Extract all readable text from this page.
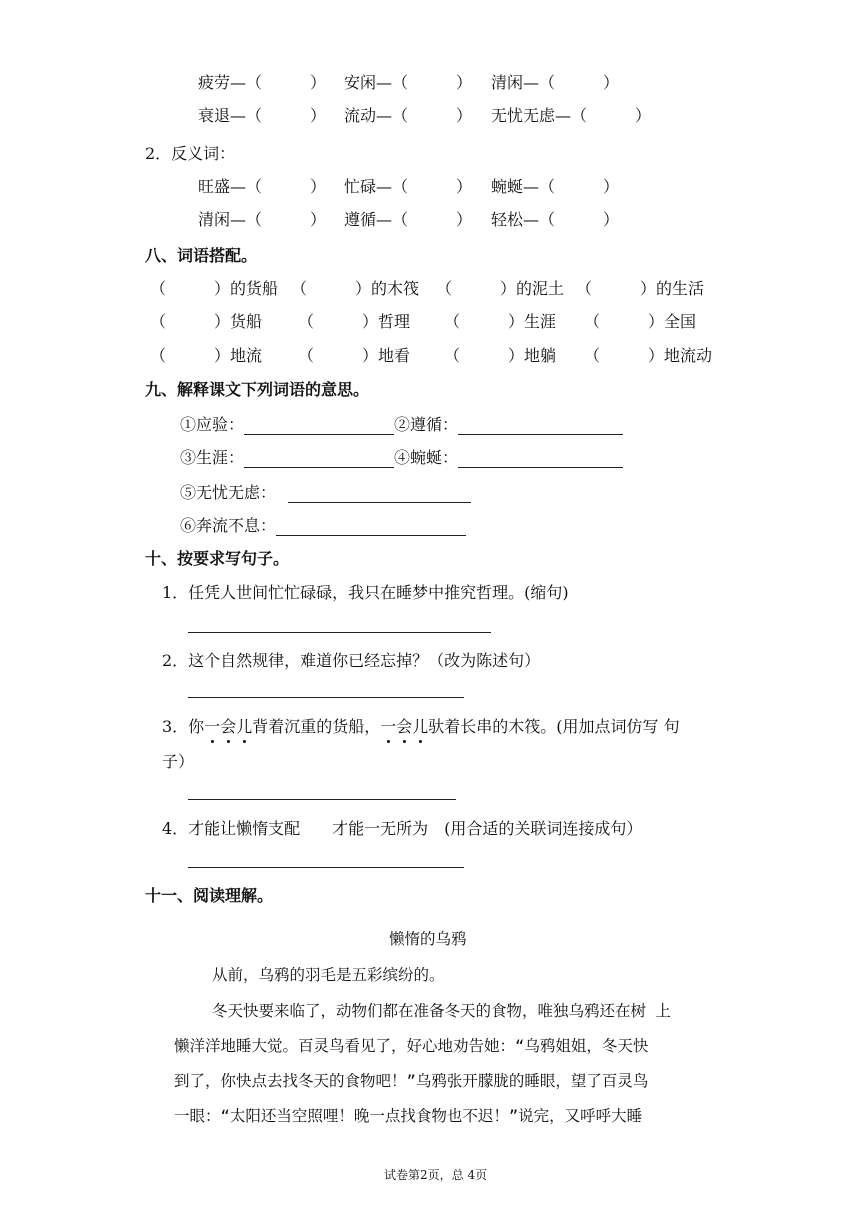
疲劳—（　　　） 安闲—（　　　） 清闲—（　　　）
衰退—（　　　） 流动—（　　　） 无忧无虑—（　　　）
2．反义词：
旺盛—（　　　） 忙碌—（　　　） 蜿蜒—（　　　）
清闲—（　　　） 遵循—（　　　） 轻松—（　　　）
八、词语搭配。
（　　　）的货船 （　　　）的木筏 （　　　）的泥土 （　　　）的生活
（　　　）货船 （　　　）哲理 （　　　）生涯 （　　　）全国
（　　　）地流 （　　　）地看 （　　　）地躺 （　　　）地流动
九、解释课文下列词语的意思。
①应验：	②遵循：
③生涯：	④蜿蜒：
⑤无忧无虑：
⑥奔流不息：
十、按要求写句子。
1．任凭人世间忙忙碌碌，我只在睡梦中推究哲理。(缩句)
2．这个自然规律，难道你已经忘掉？（改为陈述句）
3．你一会儿背着沉重的货船，一会儿驮着长串的木筏。(用加点词仿写 句
子）
4．才能让懒惰支配　　才能一无所为　(用合适的关联词连接成句）
十一、阅读理解。
懒惰的乌鸦
从前，乌鸦的羽毛是五彩缤纷的。
冬天快要来临了，动物们都在准备冬天的食物，唯独乌鸦还在树 上
懒洋洋地睡大觉。百灵鸟看见了，好心地劝告她：“乌鸦姐姐，冬天快
到了，你快点去找冬天的食物吧！”乌鸦张开朦胧的睡眼，望了百灵鸟
一眼：“太阳还当空照哩！晚一点找食物也不迟！”说完，又呼呼大睡
试卷第2页，总 4页
